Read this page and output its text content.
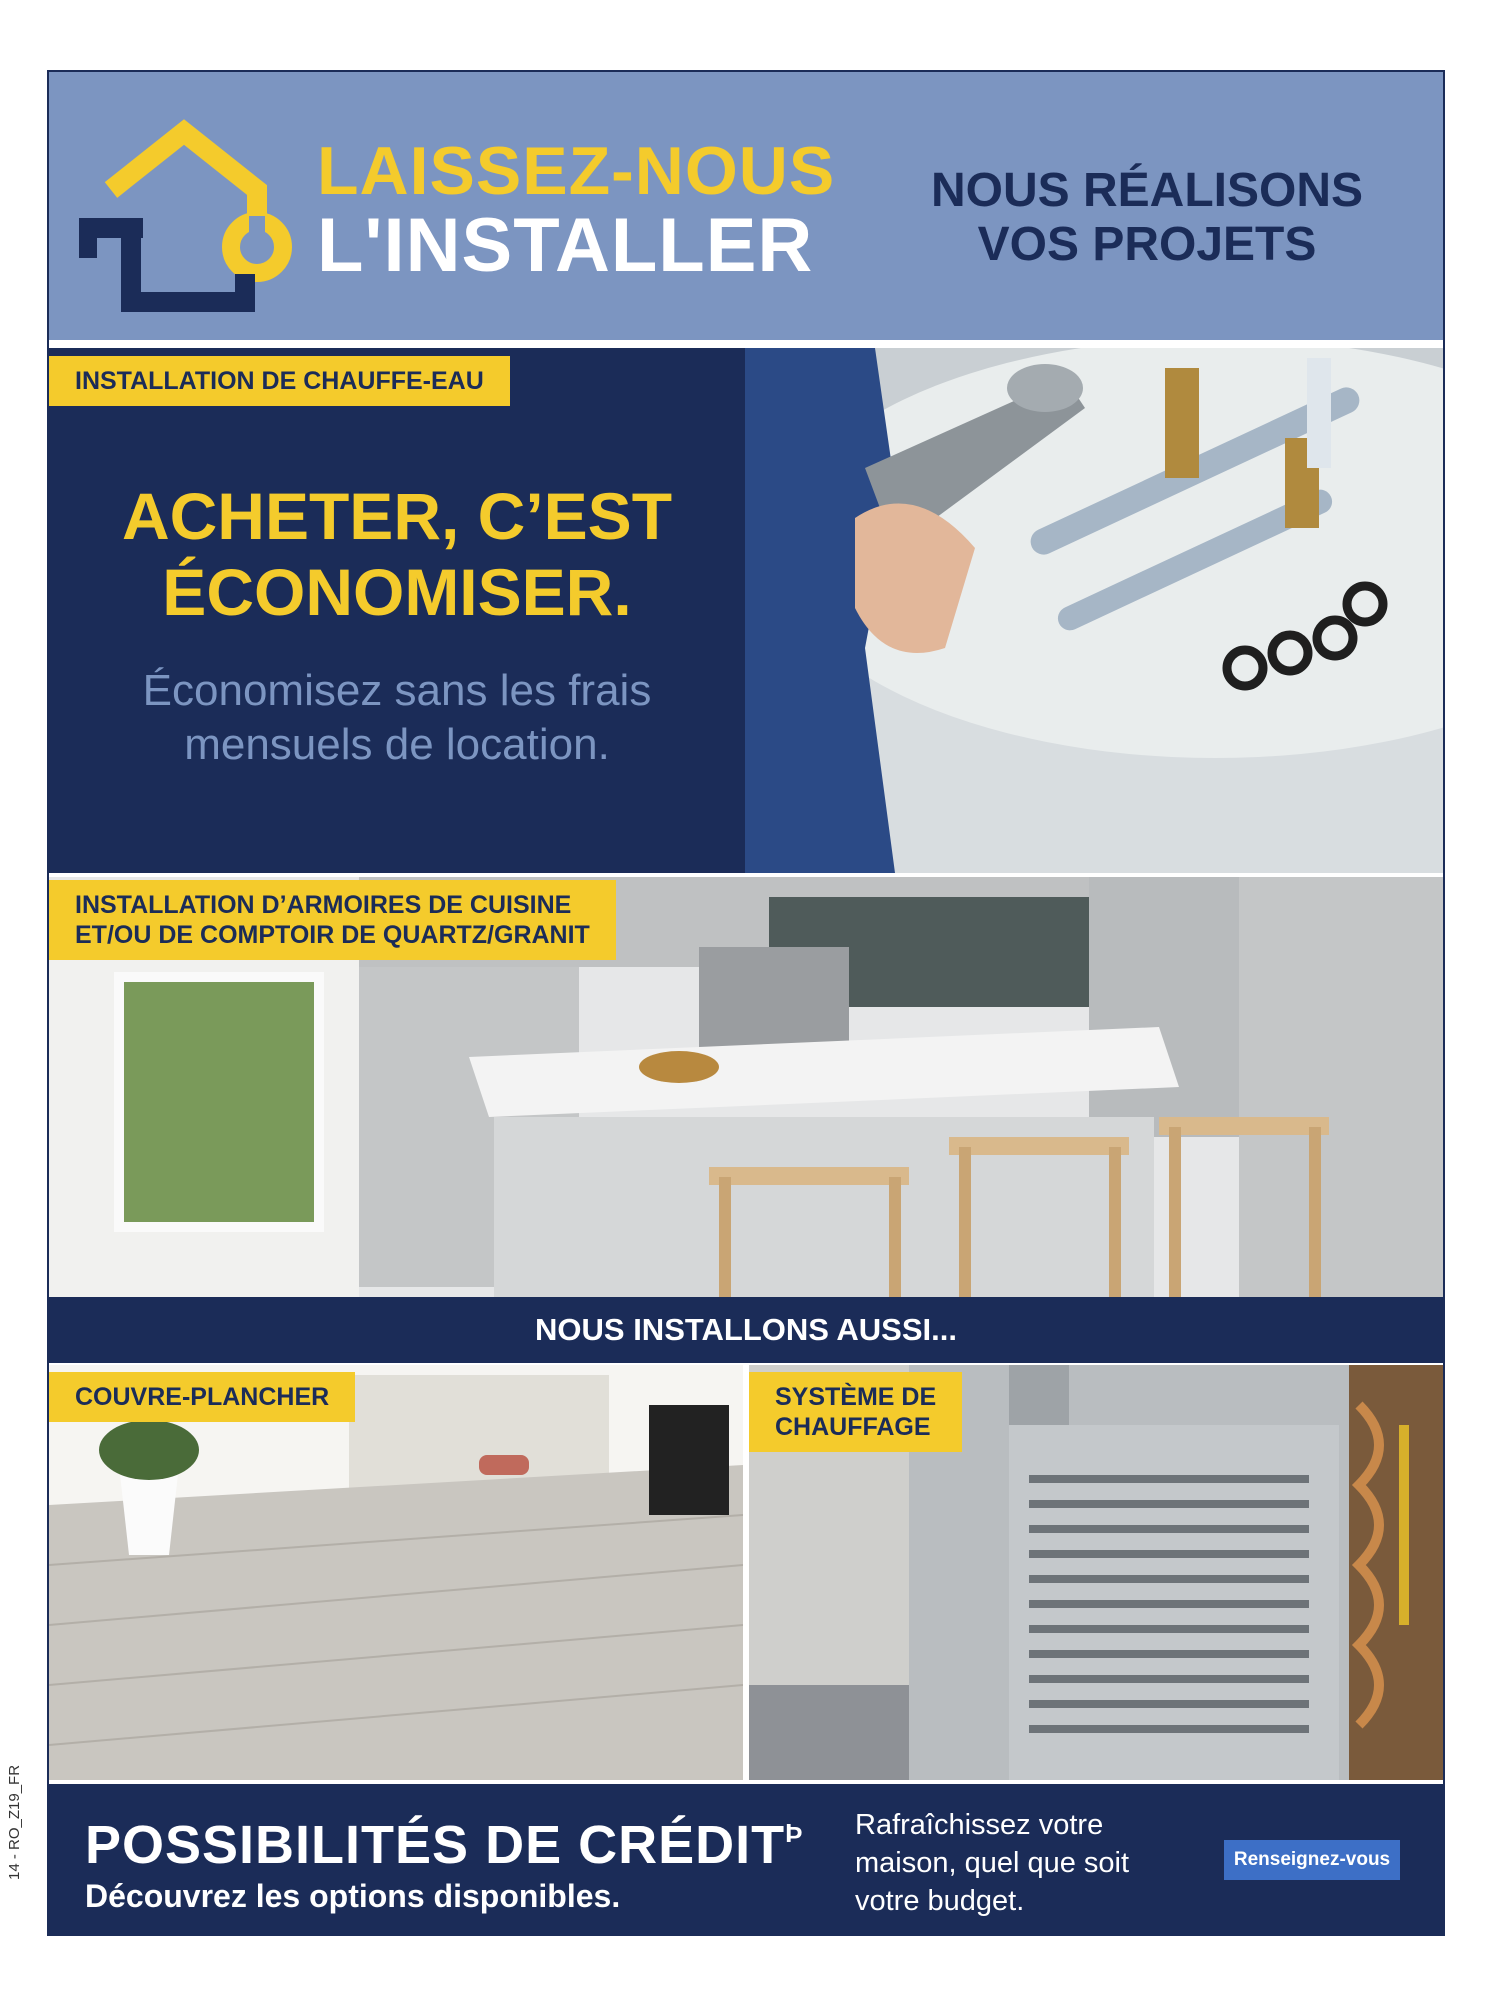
LAISSEZ-NOUS
L'INSTALLER
NOUS RÉALISONS VOS PROJETS
ACHETER, C’EST
ÉCONOMISER.
Économisez sans les frais
mensuels de location.
INSTALLATION DE CHAUFFE-EAU
INSTALLATION D’ARMOIRES DE CUISINE
ET/OU DE COMPTOIR DE QUARTZ/GRANIT
NOUS INSTALLONS AUSSI...
COUVRE-PLANCHER	SYSTÈME DE
CHAUFFAGE
POSSIBILITÉS DE $CRÉDIT^Þ$
Découvrez les options disponibles.
Rafraîchissez votre maison, quel que soit votre budget.
Renseignez-vous
14 - RO_Z19_FR
